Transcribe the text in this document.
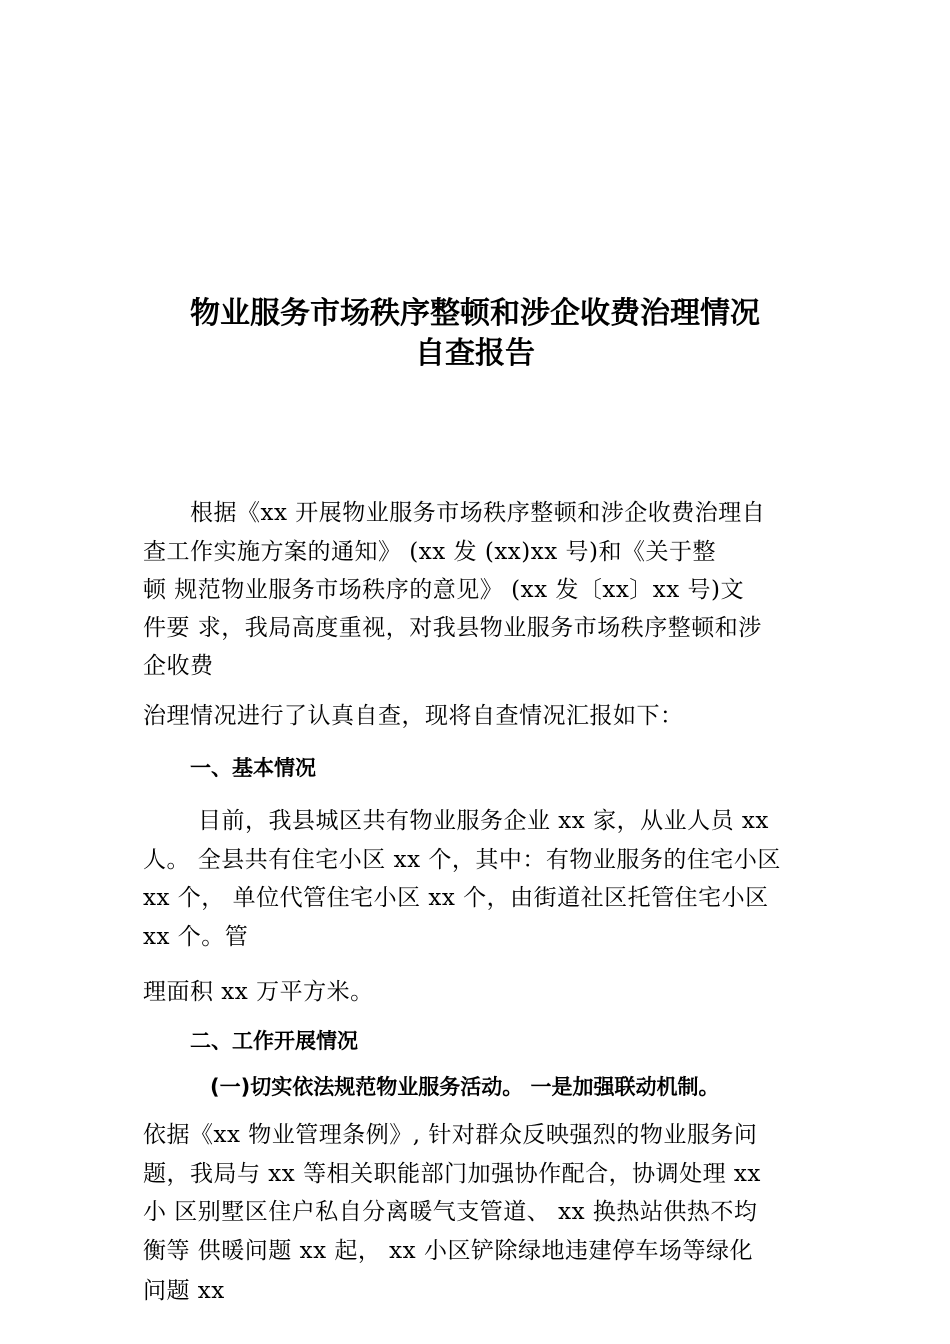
物业服务市场秩序整顿和涉企收费治理情况
自查报告
根据《xx 开展物业服务市场秩序整顿和涉企收费治理自
查工作实施方案的通知》 (xx 发 (xx)xx 号)和《关于整
顿 规范物业服务市场秩序的意见》 (xx 发〔xx〕xx 号)文
件要 求，我局高度重视，对我县物业服务市场秩序整顿和涉
企收费
治理情况进行了认真自查，现将自查情况汇报如下：
一、基本情况
目前，我县城区共有物业服务企业 xx 家，从业人员 xx
人。 全县共有住宅小区 xx 个，其中：有物业服务的住宅小区
xx 个， 单位代管住宅小区 xx 个，由街道社区托管住宅小区
xx 个。管
理面积 xx 万平方米。
二、工作开展情况
(一)切实依法规范物业服务活动。 一是加强联动机制。
依据《xx 物业管理条例》, 针对群众反映强烈的物业服务问
题，我局与 xx 等相关职能部门加强协作配合，协调处理 xx
小 区别墅区住户私自分离暖气支管道、 xx 换热站供热不均
衡等 供暖问题 xx 起， xx 小区铲除绿地违建停车场等绿化
问题 xx
